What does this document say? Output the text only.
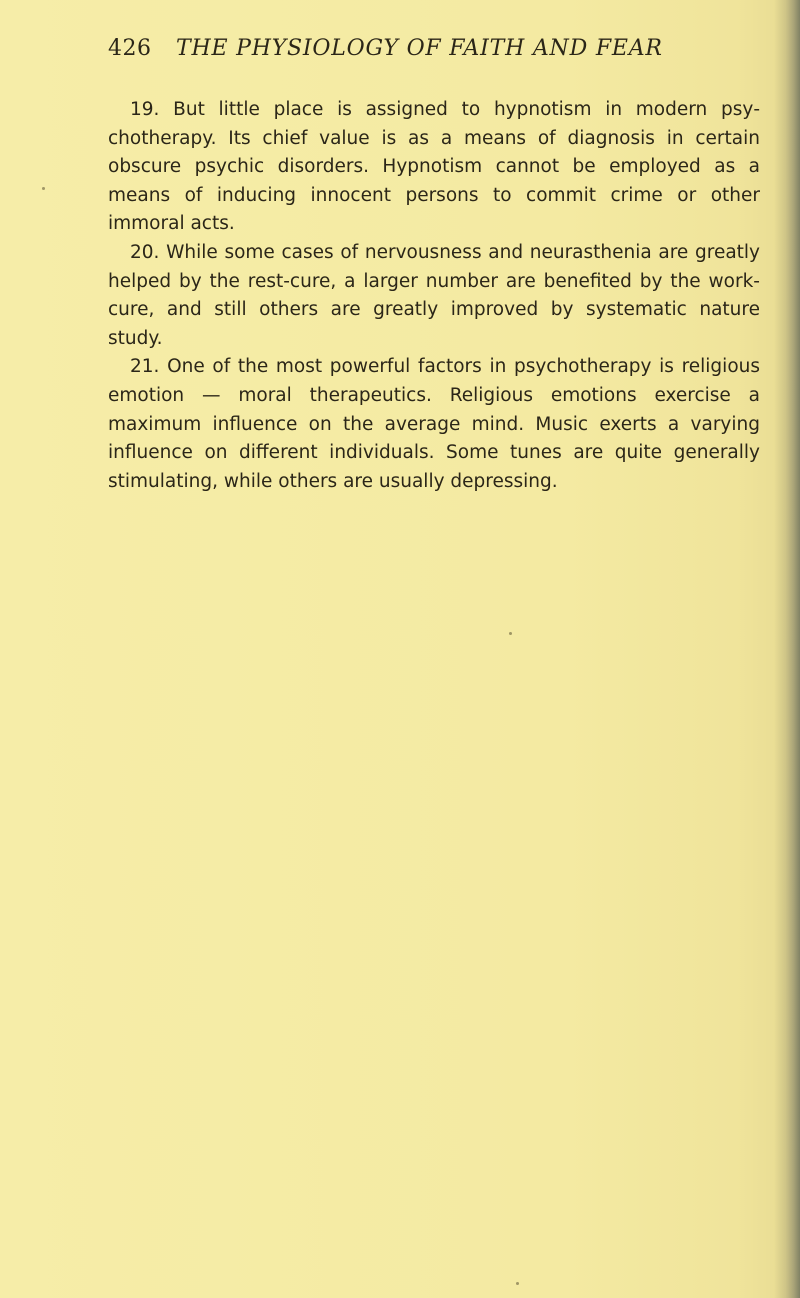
426	THE PHYSIOLOGY OF FAITH AND FEAR

19. But little place is assigned to hypnotism in modern psychotherapy. Its chief value is as a means of diagnosis in certain obscure psychic disorders. Hypnotism cannot be employed as a means of inducing innocent persons to commit crime or other immoral acts.

20. While some cases of nervousness and neurasthenia are greatly helped by the rest-cure, a larger number are benefited by the work-cure, and still others are greatly improved by systematic nature study.

21. One of the most powerful factors in psychotherapy is religious emotion — moral therapeutics. Religious emotions exercise a maximum influence on the average mind. Music exerts a varying influence on different individuals. Some tunes are quite generally stimulating, while others are usually depressing.
